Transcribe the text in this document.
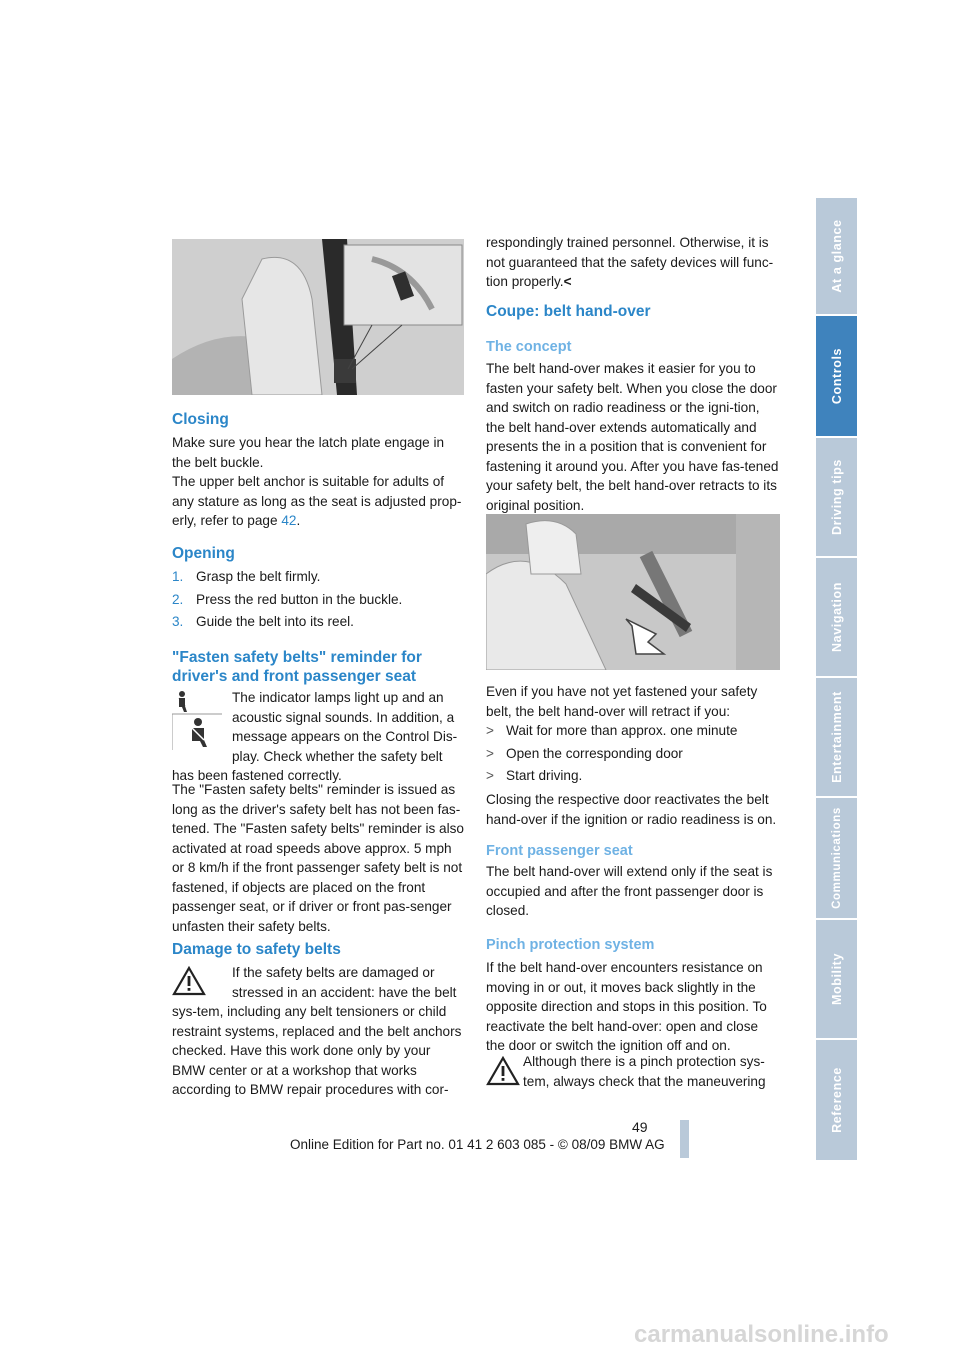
Closing

Make sure you hear the latch plate engage in the belt buckle.

The upper belt anchor is suitable for adults of any stature as long as the seat is adjusted prop-erly, refer to page 42.

Opening

1. Grasp the belt firmly.

2. Press the red button in the buckle.

3. Guide the belt into its reel.

"Fasten safety belts" reminder for driver's and front passenger seat

The indicator lamps light up and an acoustic signal sounds. In addition, a message appears on the Control Dis-play. Check whether the safety belt has been fastened correctly.

The "Fasten safety belts" reminder is issued as long as the driver's safety belt has not been fas-tened. The "Fasten safety belts" reminder is also activated at road speeds above approx. 5 mph or 8 km/h if the front passenger safety belt is not fastened, if objects are placed on the front passenger seat, or if driver or front pas-senger unfasten their safety belts.

Damage to safety belts

If the safety belts are damaged or stressed in an accident: have the belt sys-tem, including any belt tensioners or child restraint systems, replaced and the belt anchors checked. Have this work done only by your BMW center or at a workshop that works according to BMW repair procedures with cor-

respondingly trained personnel. Otherwise, it is not guaranteed that the safety devices will func-tion properly.<

Coupe: belt hand-over
The concept

The belt hand-over makes it easier for you to fasten your safety belt. When you close the door and switch on radio readiness or the igni-tion, the belt hand-over extends automatically and presents the in a position that is convenient for fastening it around you. After you have fas-tened your safety belt, the belt hand-over retracts to its original position.

Even if you have not yet fastened your safety belt, the belt hand-over will retract if you:

> Wait for more than approx. one minute

> Open the corresponding door

> Start driving.

Closing the respective door reactivates the belt hand-over if the ignition or radio readiness is on.

Front passenger seat

The belt hand-over will extend only if the seat is occupied and after the front passenger door is closed.

Pinch protection system

If the belt hand-over encounters resistance on moving in or out, it moves back slightly in the opposite direction and stops in this position. To reactivate the belt hand-over: open and close the door or switch the ignition off and on.

Although there is a pinch protection sys-tem, always check that the maneuvering

At a glance
Controls
Driving tips
Navigation
Entertainment
Communications
Mobility
Reference
49
Online Edition for Part no. 01 41 2 603 085 - © 08/09 BMW AG
carmanualsonline.info
